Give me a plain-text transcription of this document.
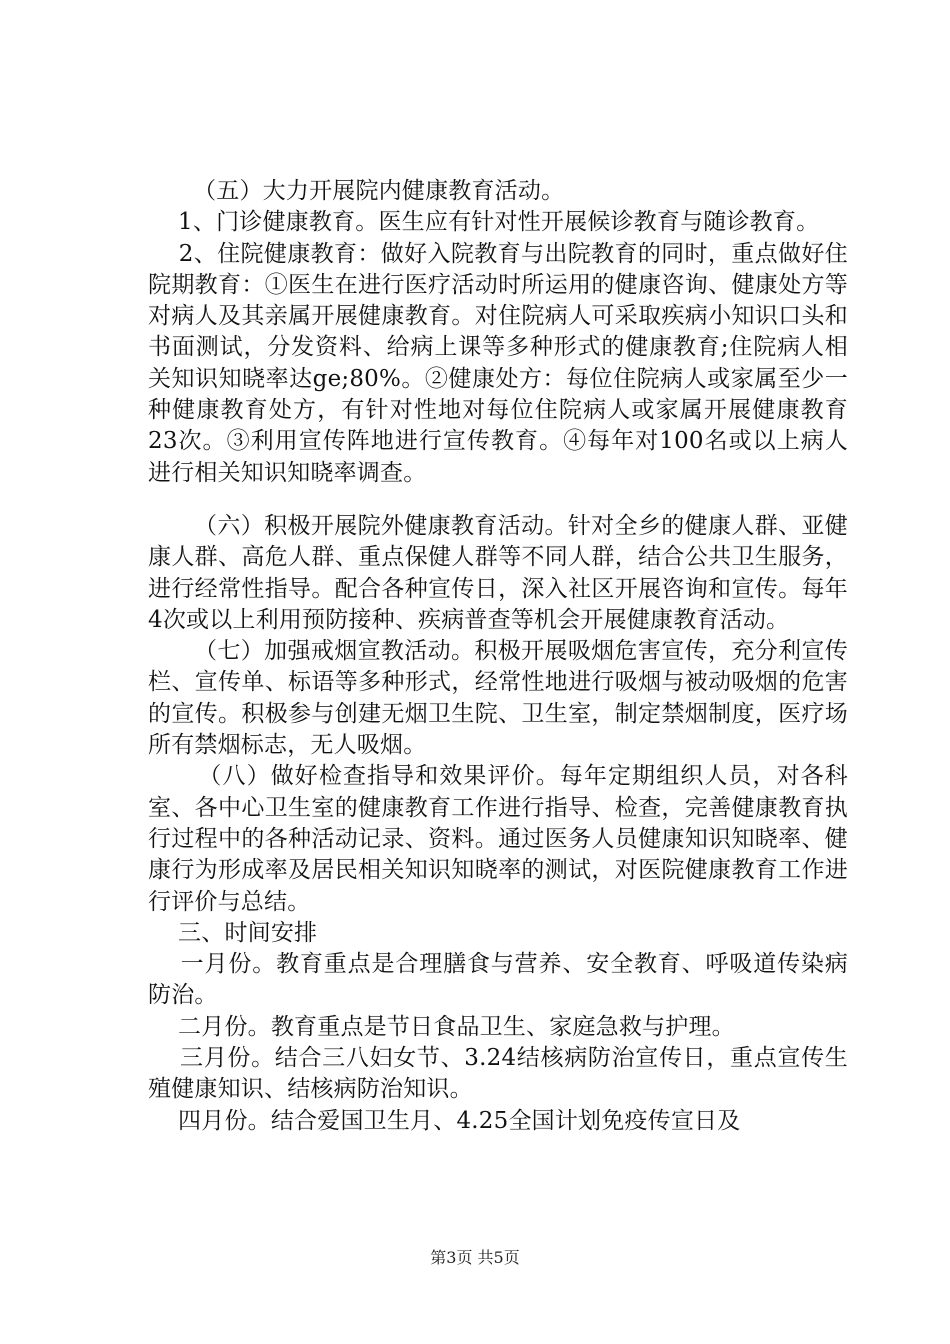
（五）大力开展院内健康教育活动。

1、门诊健康教育。医生应有针对性开展候诊教育与随诊教育。

2、住院健康教育：做好入院教育与出院教育的同时，重点做好住院期教育：①医生在进行医疗活动时所运用的健康咨询、健康处方等对病人及其亲属开展健康教育。对住院病人可采取疾病小知识口头和书面测试，分发资料、给病上课等多种形式的健康教育;住院病人相关知识知晓率达ge;80%。②健康处方：每位住院病人或家属至少一种健康教育处方，有针对性地对每位住院病人或家属开展健康教育23次。③利用宣传阵地进行宣传教育。④每年对100名或以上病人进行相关知识知晓率调查。

（六）积极开展院外健康教育活动。针对全乡的健康人群、亚健康人群、高危人群、重点保健人群等不同人群，结合公共卫生服务，进行经常性指导。配合各种宣传日，深入社区开展咨询和宣传。每年4次或以上利用预防接种、疾病普查等机会开展健康教育活动。

（七）加强戒烟宣教活动。积极开展吸烟危害宣传，充分利宣传栏、宣传单、标语等多种形式，经常性地进行吸烟与被动吸烟的危害的宣传。积极参与创建无烟卫生院、卫生室，制定禁烟制度，医疗场所有禁烟标志，无人吸烟。

（八）做好检查指导和效果评价。每年定期组织人员，对各科室、各中心卫生室的健康教育工作进行指导、检查，完善健康教育执行过程中的各种活动记录、资料。通过医务人员健康知识知晓率、健康行为形成率及居民相关知识知晓率的测试，对医院健康教育工作进行评价与总结。

三、时间安排

一月份。教育重点是合理膳食与营养、安全教育、呼吸道传染病防治。

二月份。教育重点是节日食品卫生、家庭急救与护理。

三月份。结合三八妇女节、3.24结核病防治宣传日，重点宣传生殖健康知识、结核病防治知识。

四月份。结合爱国卫生月、4.25全国计划免疫传宣日及

第3页 共5页
